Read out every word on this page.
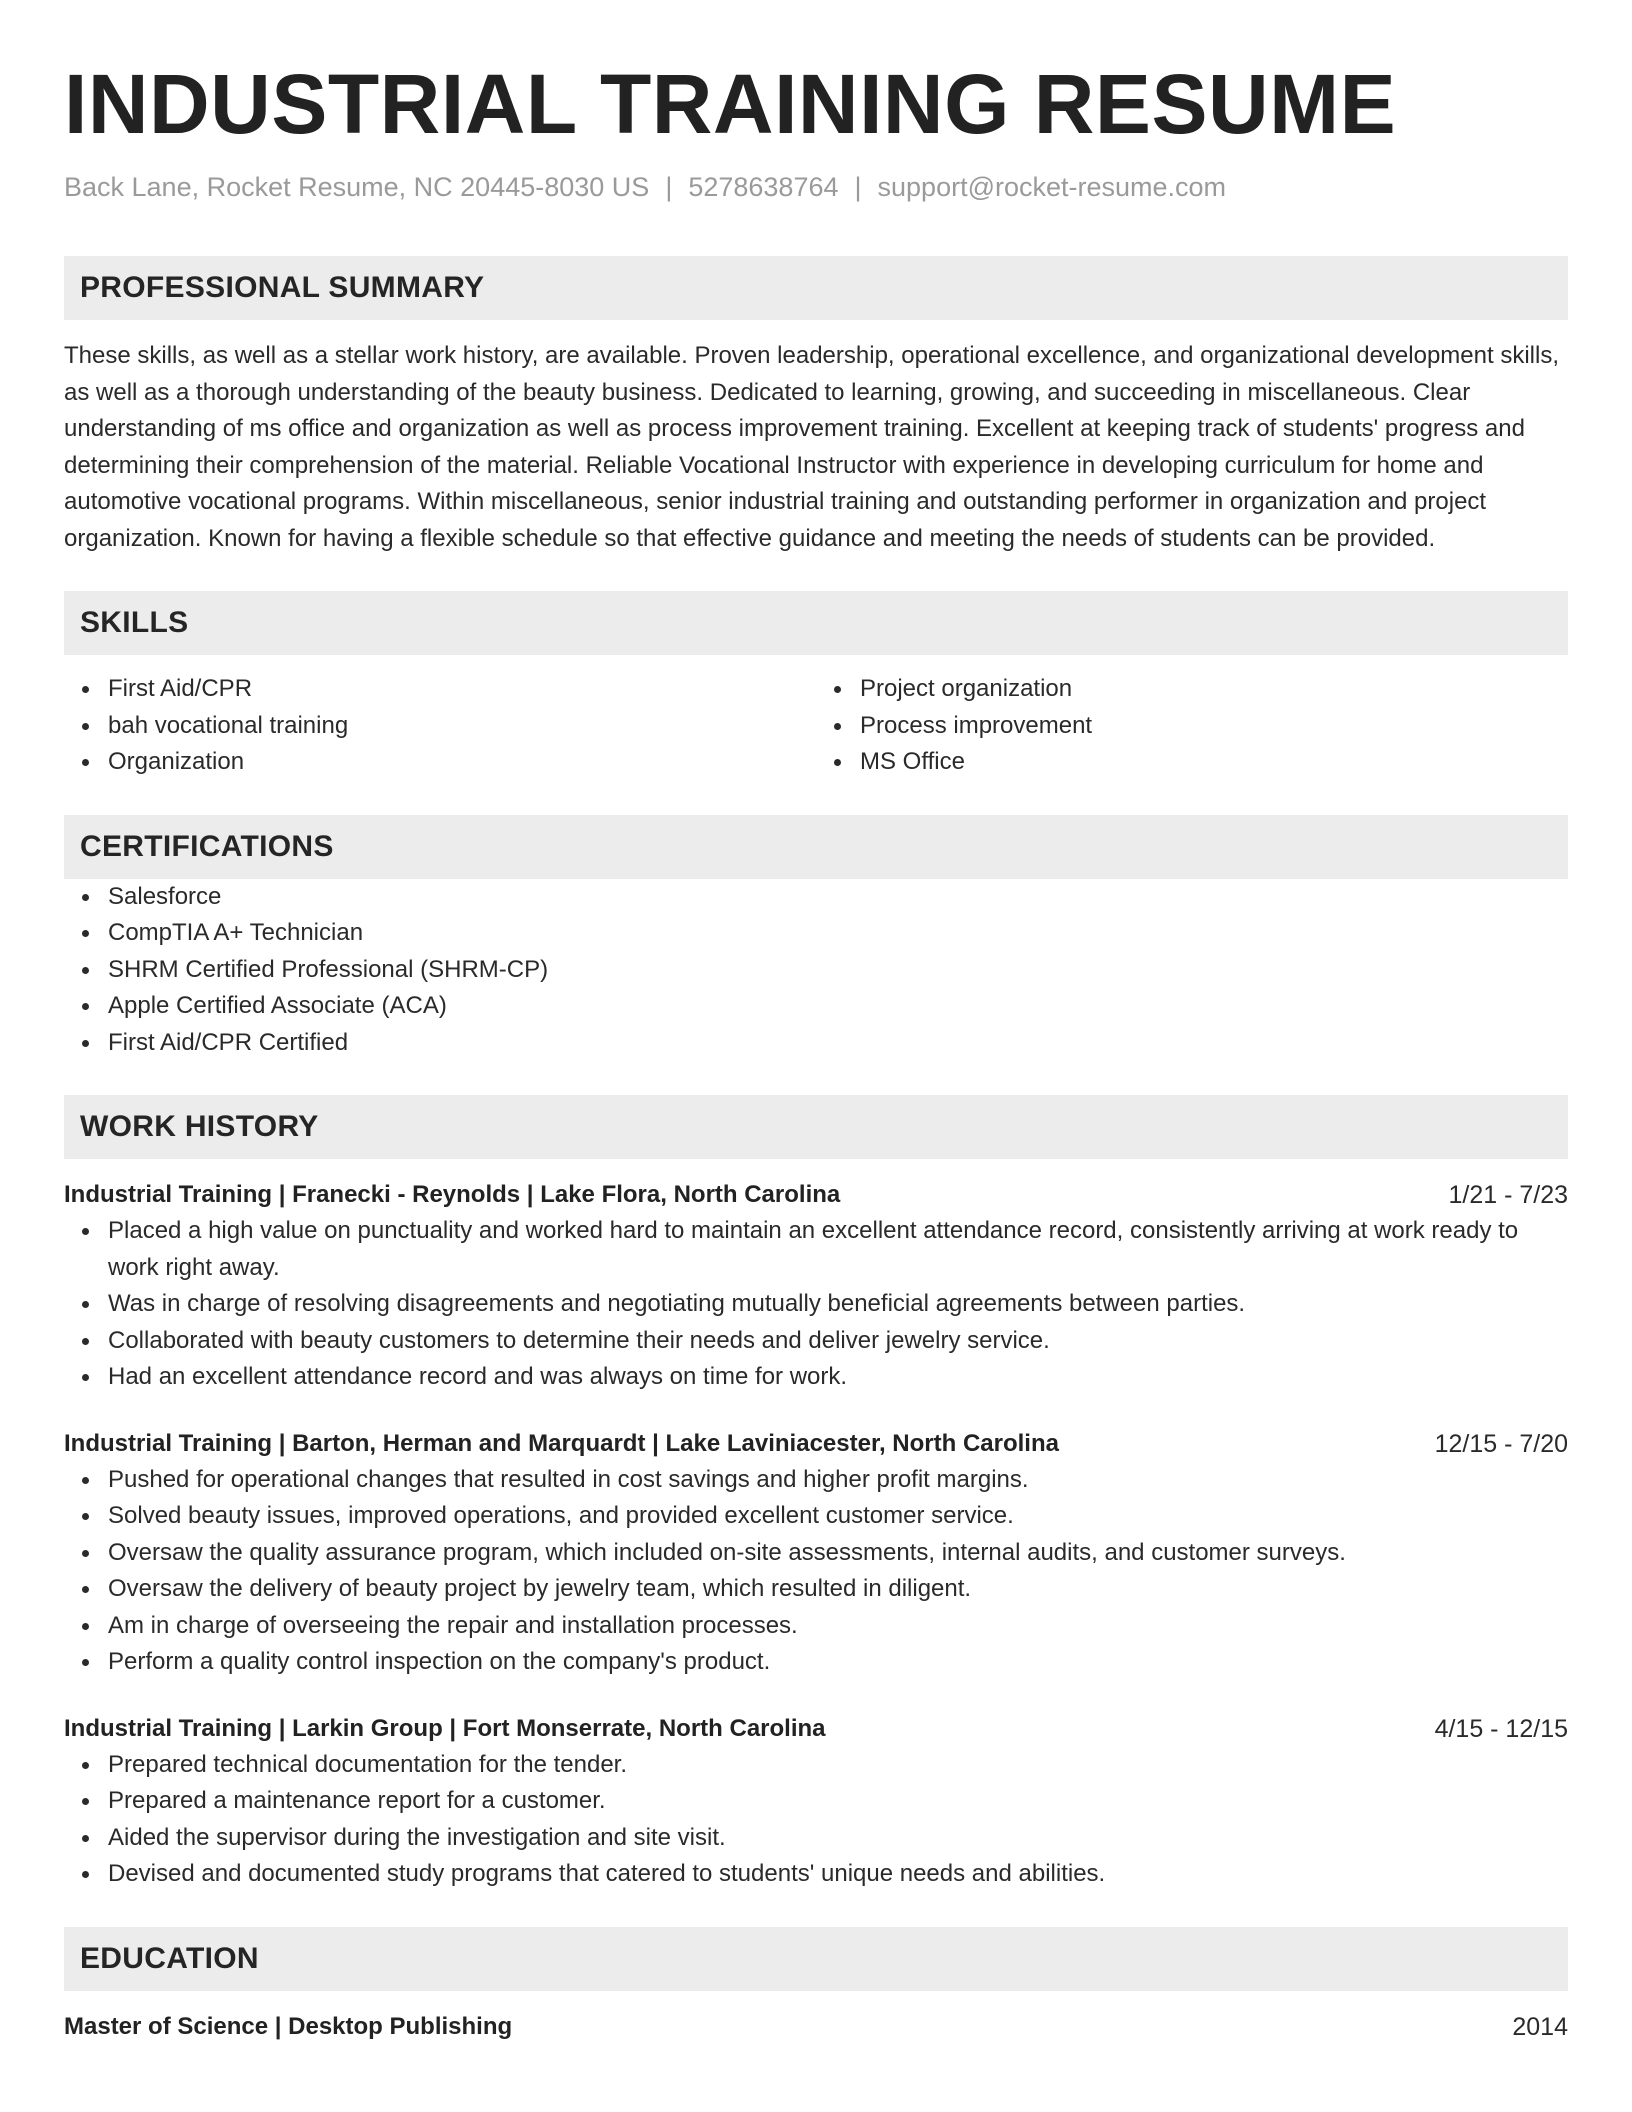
INDUSTRIAL TRAINING RESUME
Back Lane, Rocket Resume, NC 20445-8030 US | 5278638764 | support@rocket-resume.com
PROFESSIONAL SUMMARY
These skills, as well as a stellar work history, are available. Proven leadership, operational excellence, and organizational development skills, as well as a thorough understanding of the beauty business. Dedicated to learning, growing, and succeeding in miscellaneous. Clear understanding of ms office and organization as well as process improvement training. Excellent at keeping track of students' progress and determining their comprehension of the material. Reliable Vocational Instructor with experience in developing curriculum for home and automotive vocational programs. Within miscellaneous, senior industrial training and outstanding performer in organization and project organization. Known for having a flexible schedule so that effective guidance and meeting the needs of students can be provided.
SKILLS
First Aid/CPR
bah vocational training
Organization
Project organization
Process improvement
MS Office
CERTIFICATIONS
Salesforce
CompTIA A+ Technician
SHRM Certified Professional (SHRM-CP)
Apple Certified Associate (ACA)
First Aid/CPR Certified
WORK HISTORY
Industrial Training | Franecki - Reynolds | Lake Flora, North Carolina	1/21 - 7/23
Placed a high value on punctuality and worked hard to maintain an excellent attendance record, consistently arriving at work ready to work right away.
Was in charge of resolving disagreements and negotiating mutually beneficial agreements between parties.
Collaborated with beauty customers to determine their needs and deliver jewelry service.
Had an excellent attendance record and was always on time for work.
Industrial Training | Barton, Herman and Marquardt | Lake Laviniacester, North Carolina	12/15 - 7/20
Pushed for operational changes that resulted in cost savings and higher profit margins.
Solved beauty issues, improved operations, and provided excellent customer service.
Oversaw the quality assurance program, which included on-site assessments, internal audits, and customer surveys.
Oversaw the delivery of beauty project by jewelry team, which resulted in diligent.
Am in charge of overseeing the repair and installation processes.
Perform a quality control inspection on the company's product.
Industrial Training | Larkin Group | Fort Monserrate, North Carolina	4/15 - 12/15
Prepared technical documentation for the tender.
Prepared a maintenance report for a customer.
Aided the supervisor during the investigation and site visit.
Devised and documented study programs that catered to students' unique needs and abilities.
EDUCATION
Master of Science | Desktop Publishing	2014
